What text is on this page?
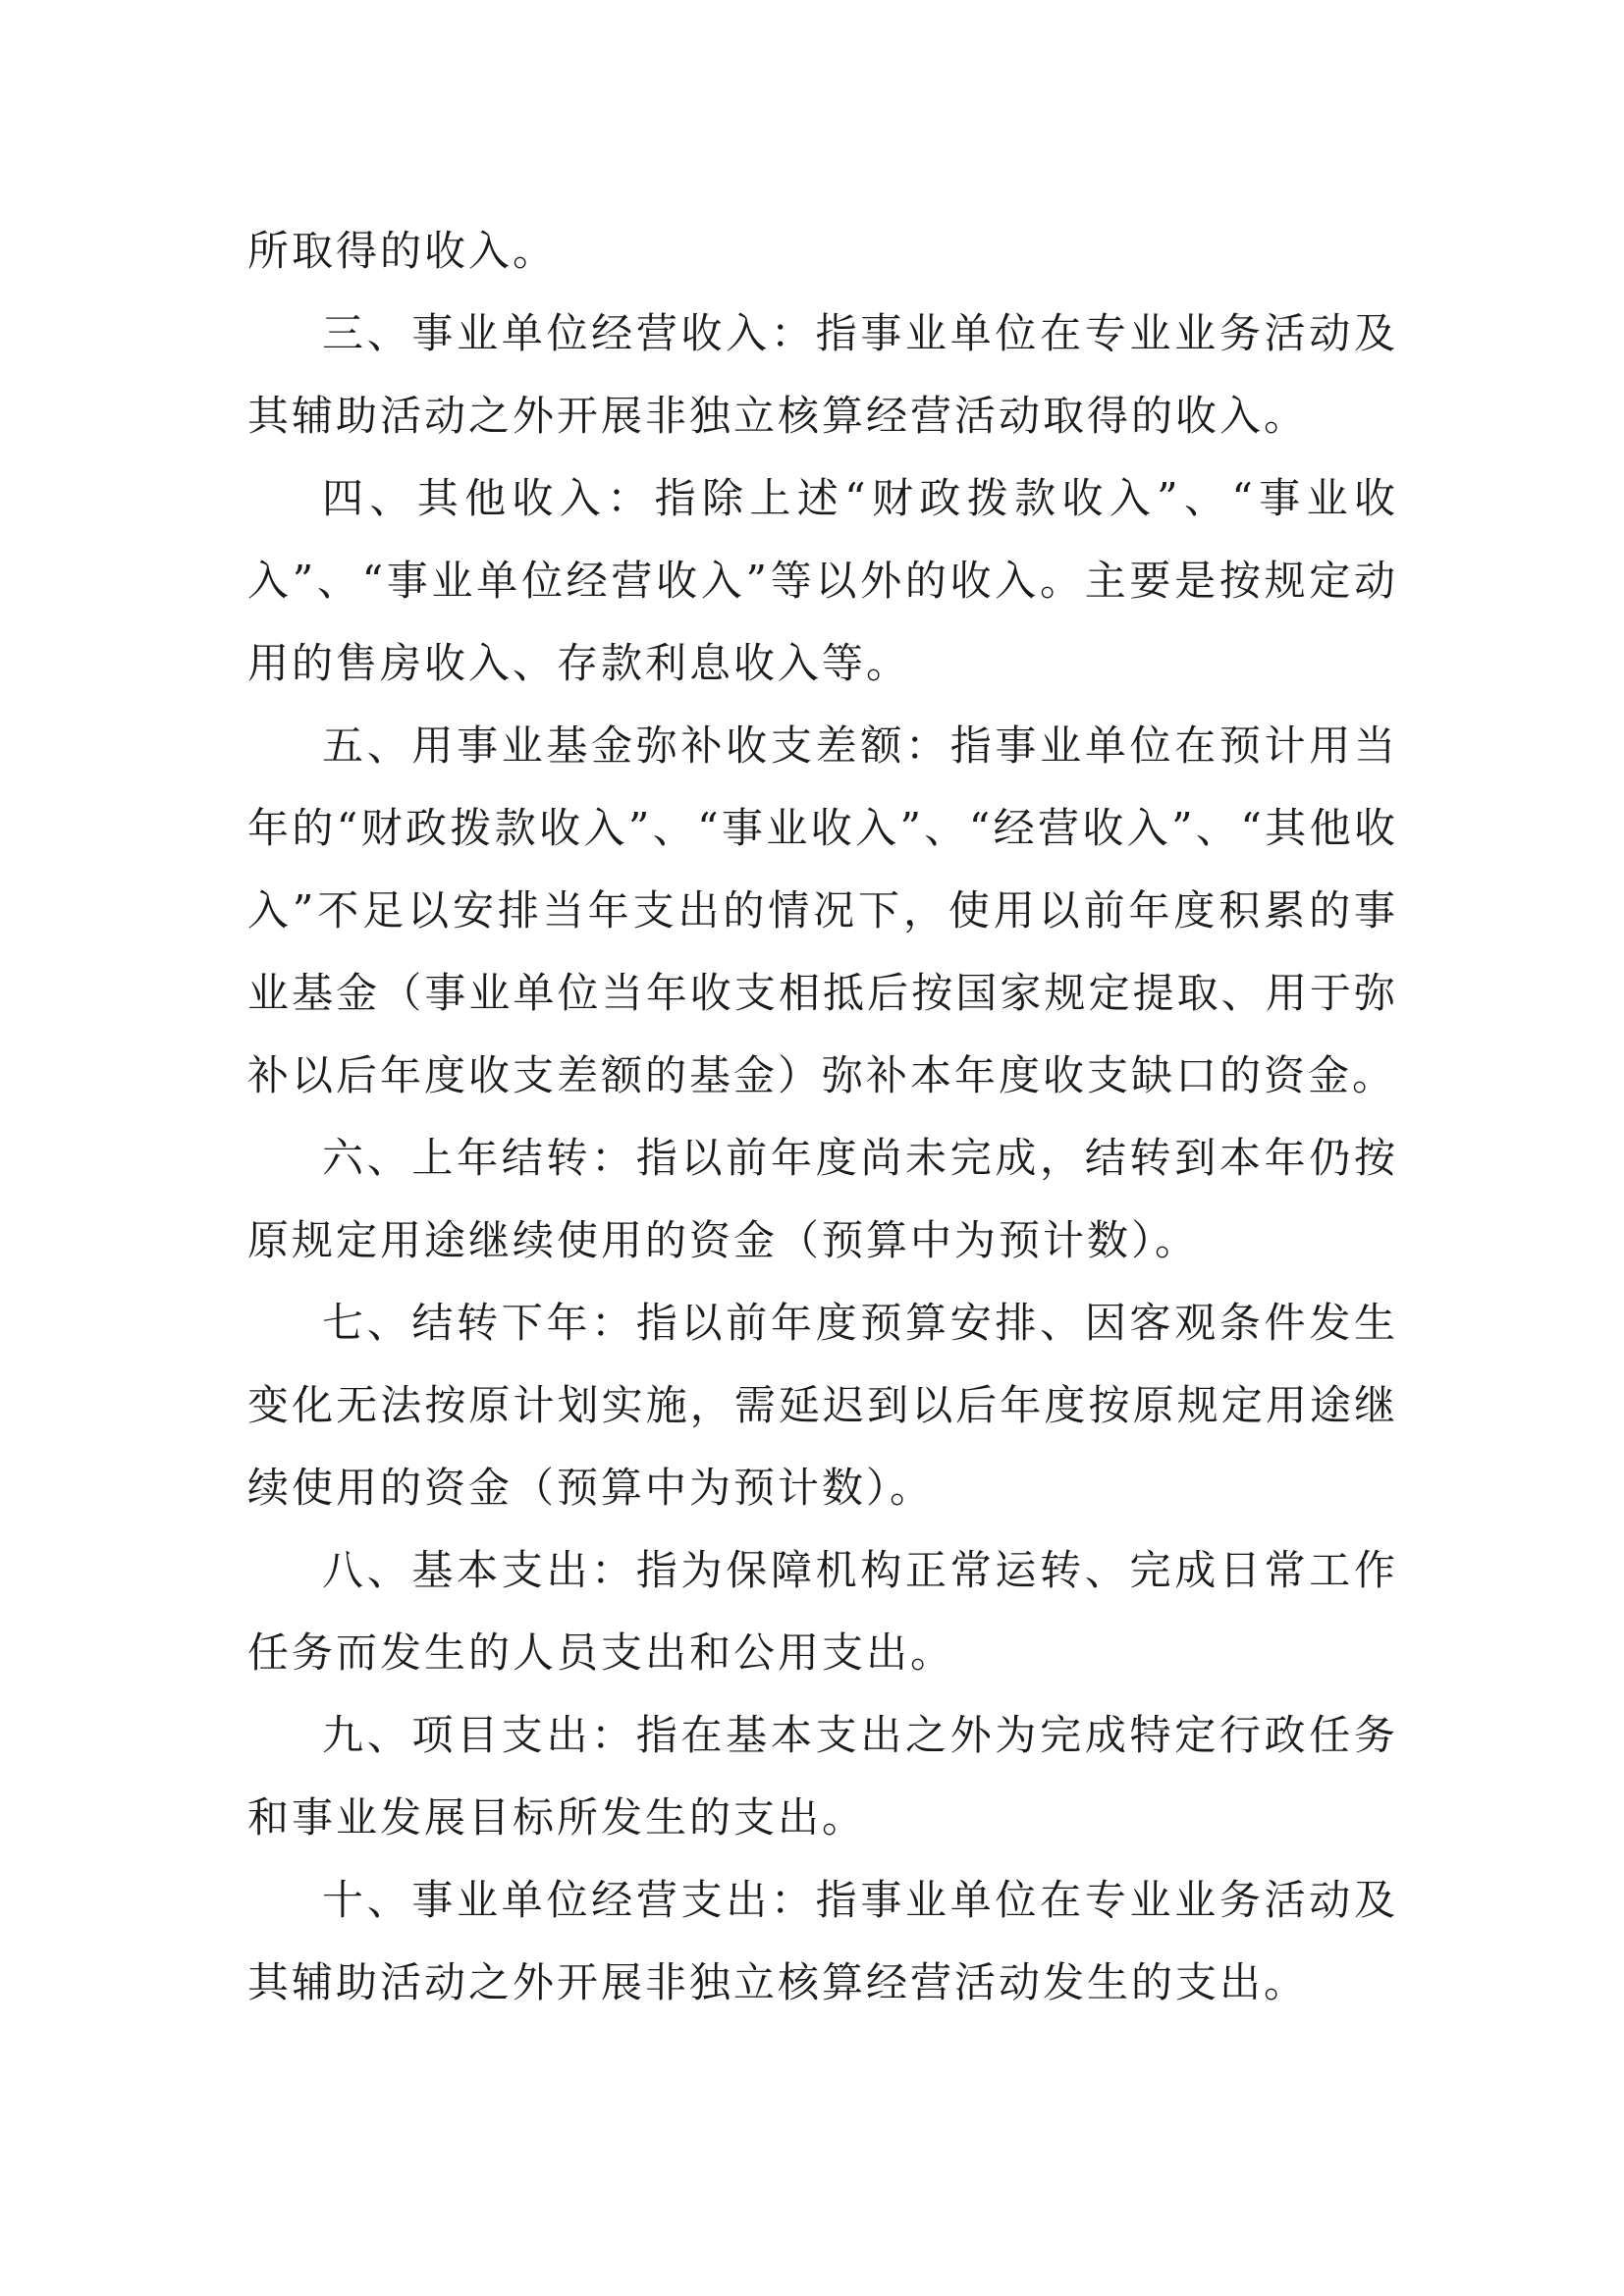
所取得的收入。

三、事业单位经营收入：指事业单位在专业业务活动及其辅助活动之外开展非独立核算经营活动取得的收入。

四、其他收入：指除上述“财政拨款收入”、“事业收入”、“事业单位经营收入”等以外的收入。主要是按规定动用的售房收入、存款利息收入等。

五、用事业基金弥补收支差额：指事业单位在预计用当年的“财政拨款收入”、“事业收入”、“经营收入”、“其他收入”不足以安排当年支出的情况下，使用以前年度积累的事业基金（事业单位当年收支相抵后按国家规定提取、用于弥补以后年度收支差额的基金）弥补本年度收支缺口的资金。

六、上年结转：指以前年度尚未完成，结转到本年仍按原规定用途继续使用的资金（预算中为预计数）。

七、结转下年：指以前年度预算安排、因客观条件发生变化无法按原计划实施，需延迟到以后年度按原规定用途继续使用的资金（预算中为预计数）。

八、基本支出：指为保障机构正常运转、完成日常工作任务而发生的人员支出和公用支出。

九、项目支出：指在基本支出之外为完成特定行政任务和事业发展目标所发生的支出。

十、事业单位经营支出：指事业单位在专业业务活动及其辅助活动之外开展非独立核算经营活动发生的支出。
